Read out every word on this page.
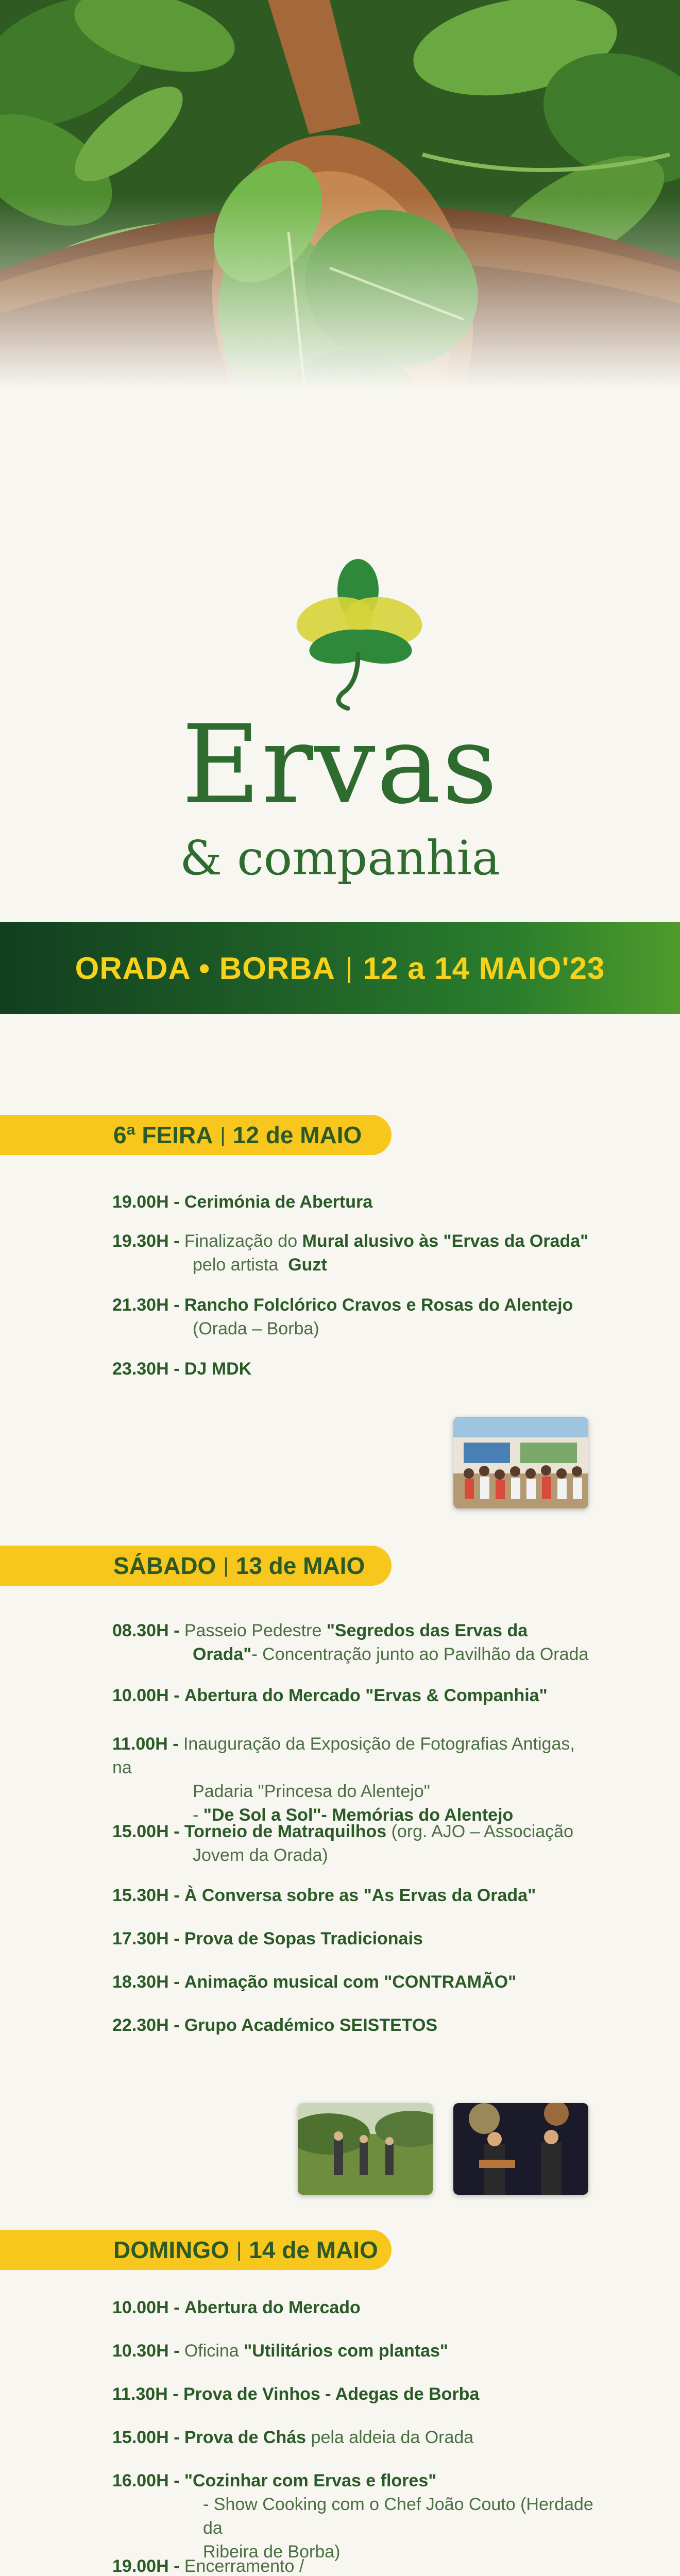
Ervas
& companhia
ORADA • BORBA | 12 a 14 MAIO'23
6ª FEIRA | 12 de MAIO
19.00H - Cerimónia de Abertura
19.30H - Finalização do Mural alusivo às "Ervas da Orada"
pelo artista Guzt
21.30H - Rancho Folclórico Cravos e Rosas do Alentejo
(Orada – Borba)
23.30H - DJ MDK
SÁBADO | 13 de MAIO
08.30H - Passeio Pedestre "Segredos das Ervas da
Orada"- Concentração junto ao Pavilhão da Orada
10.00H - Abertura do Mercado "Ervas & Companhia"
11.00H - Inauguração da Exposição de Fotografias Antigas, na
Padaria "Princesa do Alentejo"
- "De Sol a Sol"- Memórias do Alentejo
15.00H - Torneio de Matraquilhos (org. AJO – Associação
Jovem da Orada)
15.30H - À Conversa sobre as "As Ervas da Orada"
17.30H - Prova de Sopas Tradicionais
18.30H - Animação musical com "CONTRAMÃO"
22.30H - Grupo Académico SEISTETOS
DOMINGO | 14 de MAIO
10.00H - Abertura do Mercado
10.30H - Oficina "Utilitários com plantas"
11.30H - Prova de Vinhos - Adegas de Borba
15.00H - Prova de Chás pela aldeia da Orada
16.00H - "Cozinhar com Ervas e flores"
- Show Cooking com o Chef João Couto (Herdade da
Ribeira de Borba)
19.00H - Encerramento /
